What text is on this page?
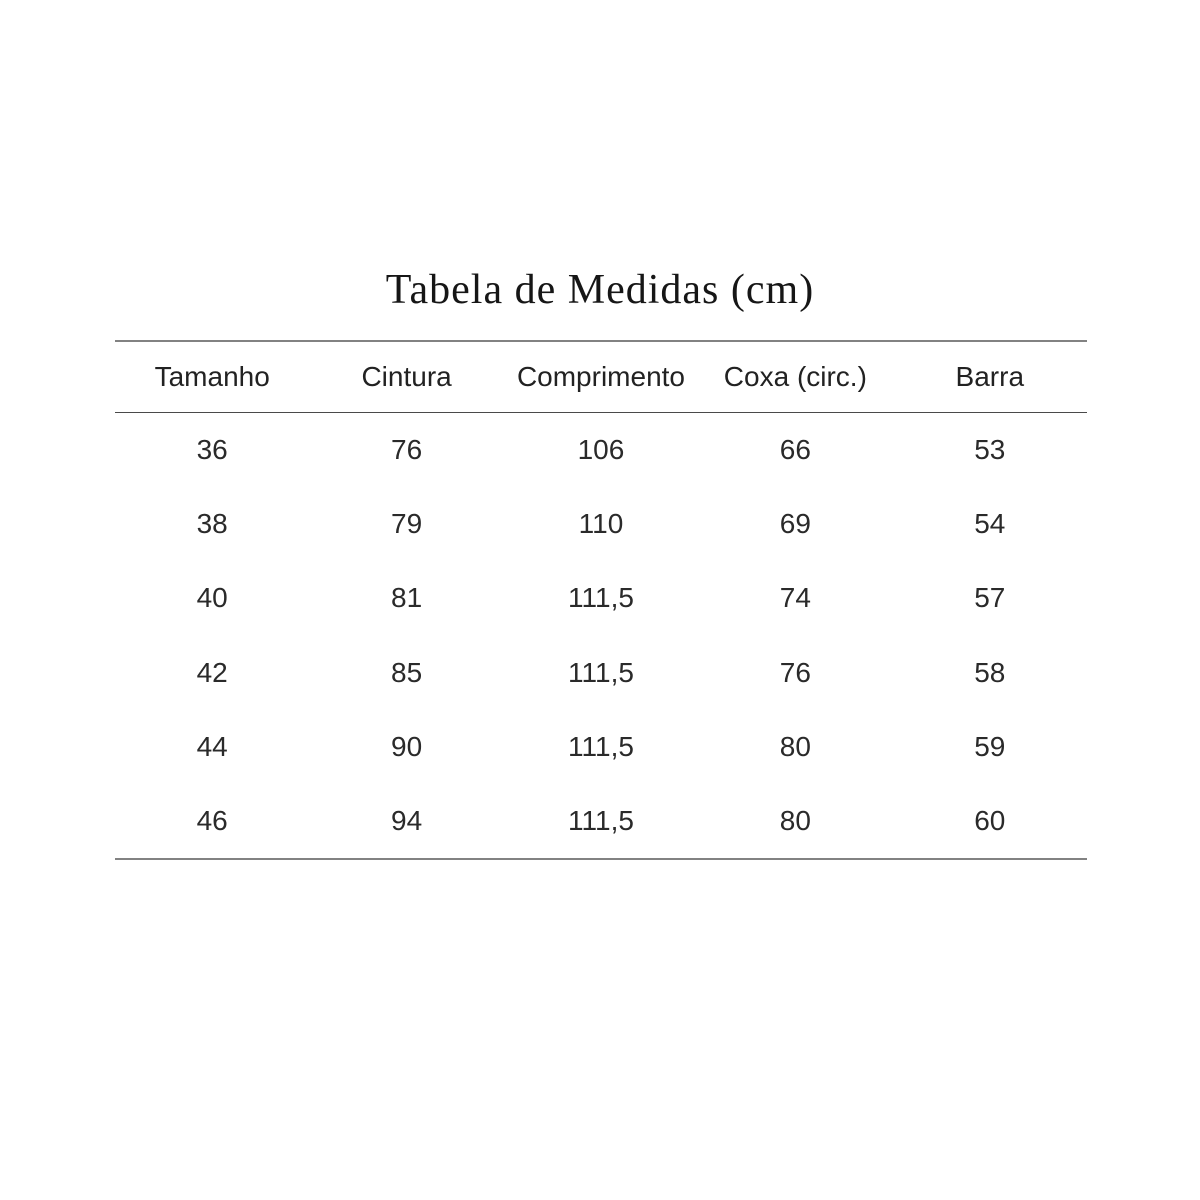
Tabela de Medidas (cm)
Tamanho	Cintura	Comprimento	Coxa (circ.)	Barra
36	76	106	66	53
38	79	110	69	54
40	81	111,5	74	57
42	85	111,5	76	58
44	90	111,5	80	59
46	94	111,5	80	60
